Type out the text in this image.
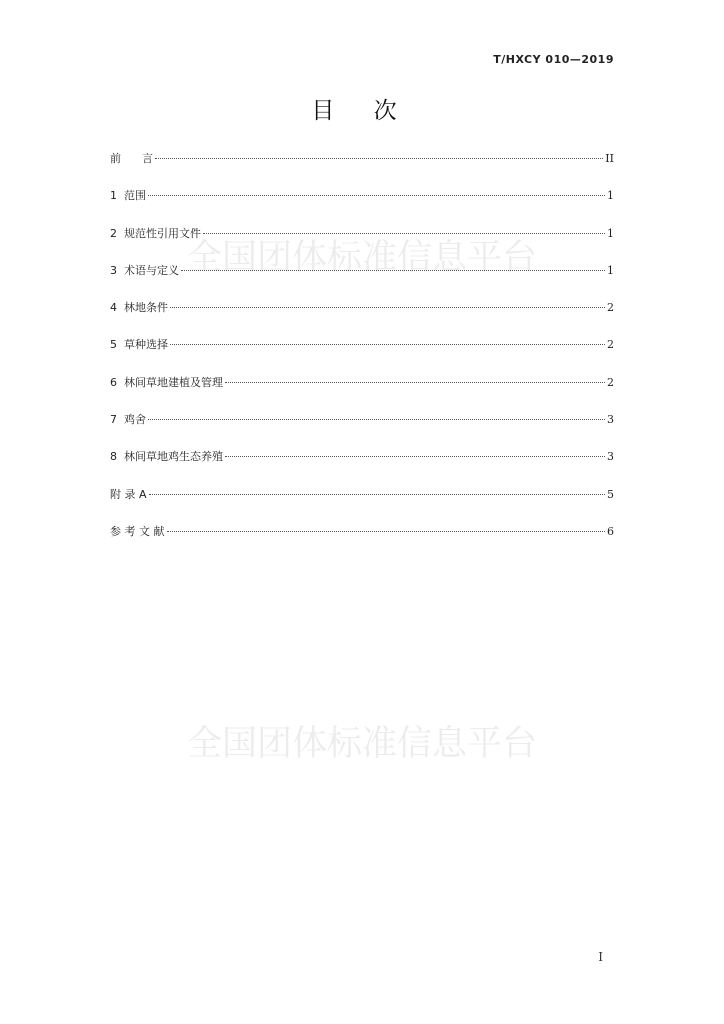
全国团体标准信息平台
全国团体标准信息平台
T/HXCY 010—2019
目 次
前      言	II
1  范围	1
2  规范性引用文件	1
3  术语与定义	1
4  林地条件	2
5  草种选择	2
6  林间草地建植及管理	2
7  鸡舍	3
8  林间草地鸡生态养殖	3
附 录 A	5
参 考 文 献	6
I
